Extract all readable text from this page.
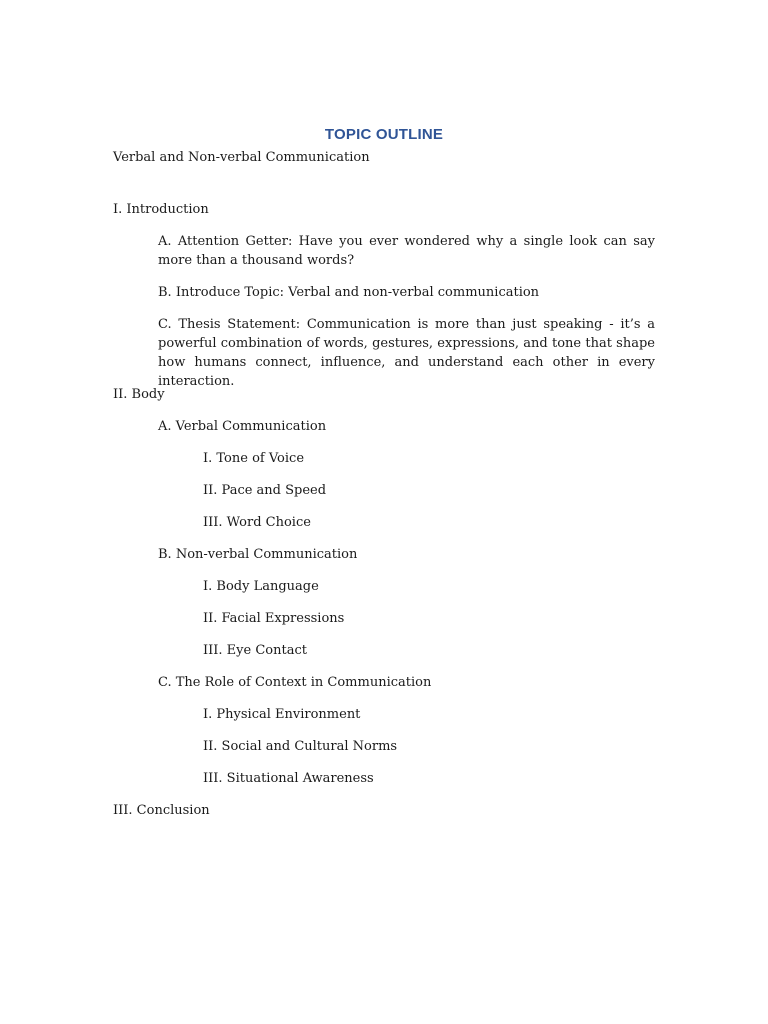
TOPIC OUTLINE
Verbal and Non-verbal Communication
I. Introduction
A. Attention Getter: Have you ever wondered why a single look can say more than a thousand words?
B. Introduce Topic: Verbal and non-verbal communication
C. Thesis Statement: Communication is more than just speaking - it’s a powerful combination of words, gestures, expressions, and tone that shape how humans connect, influence, and understand each other in every interaction.
II. Body
A. Verbal Communication
I. Tone of Voice
II. Pace and Speed
III. Word Choice
B. Non-verbal Communication
I. Body Language
II. Facial Expressions
III. Eye Contact
C. The Role of Context in Communication
I. Physical Environment
II. Social and Cultural Norms
III. Situational Awareness
III. Conclusion
